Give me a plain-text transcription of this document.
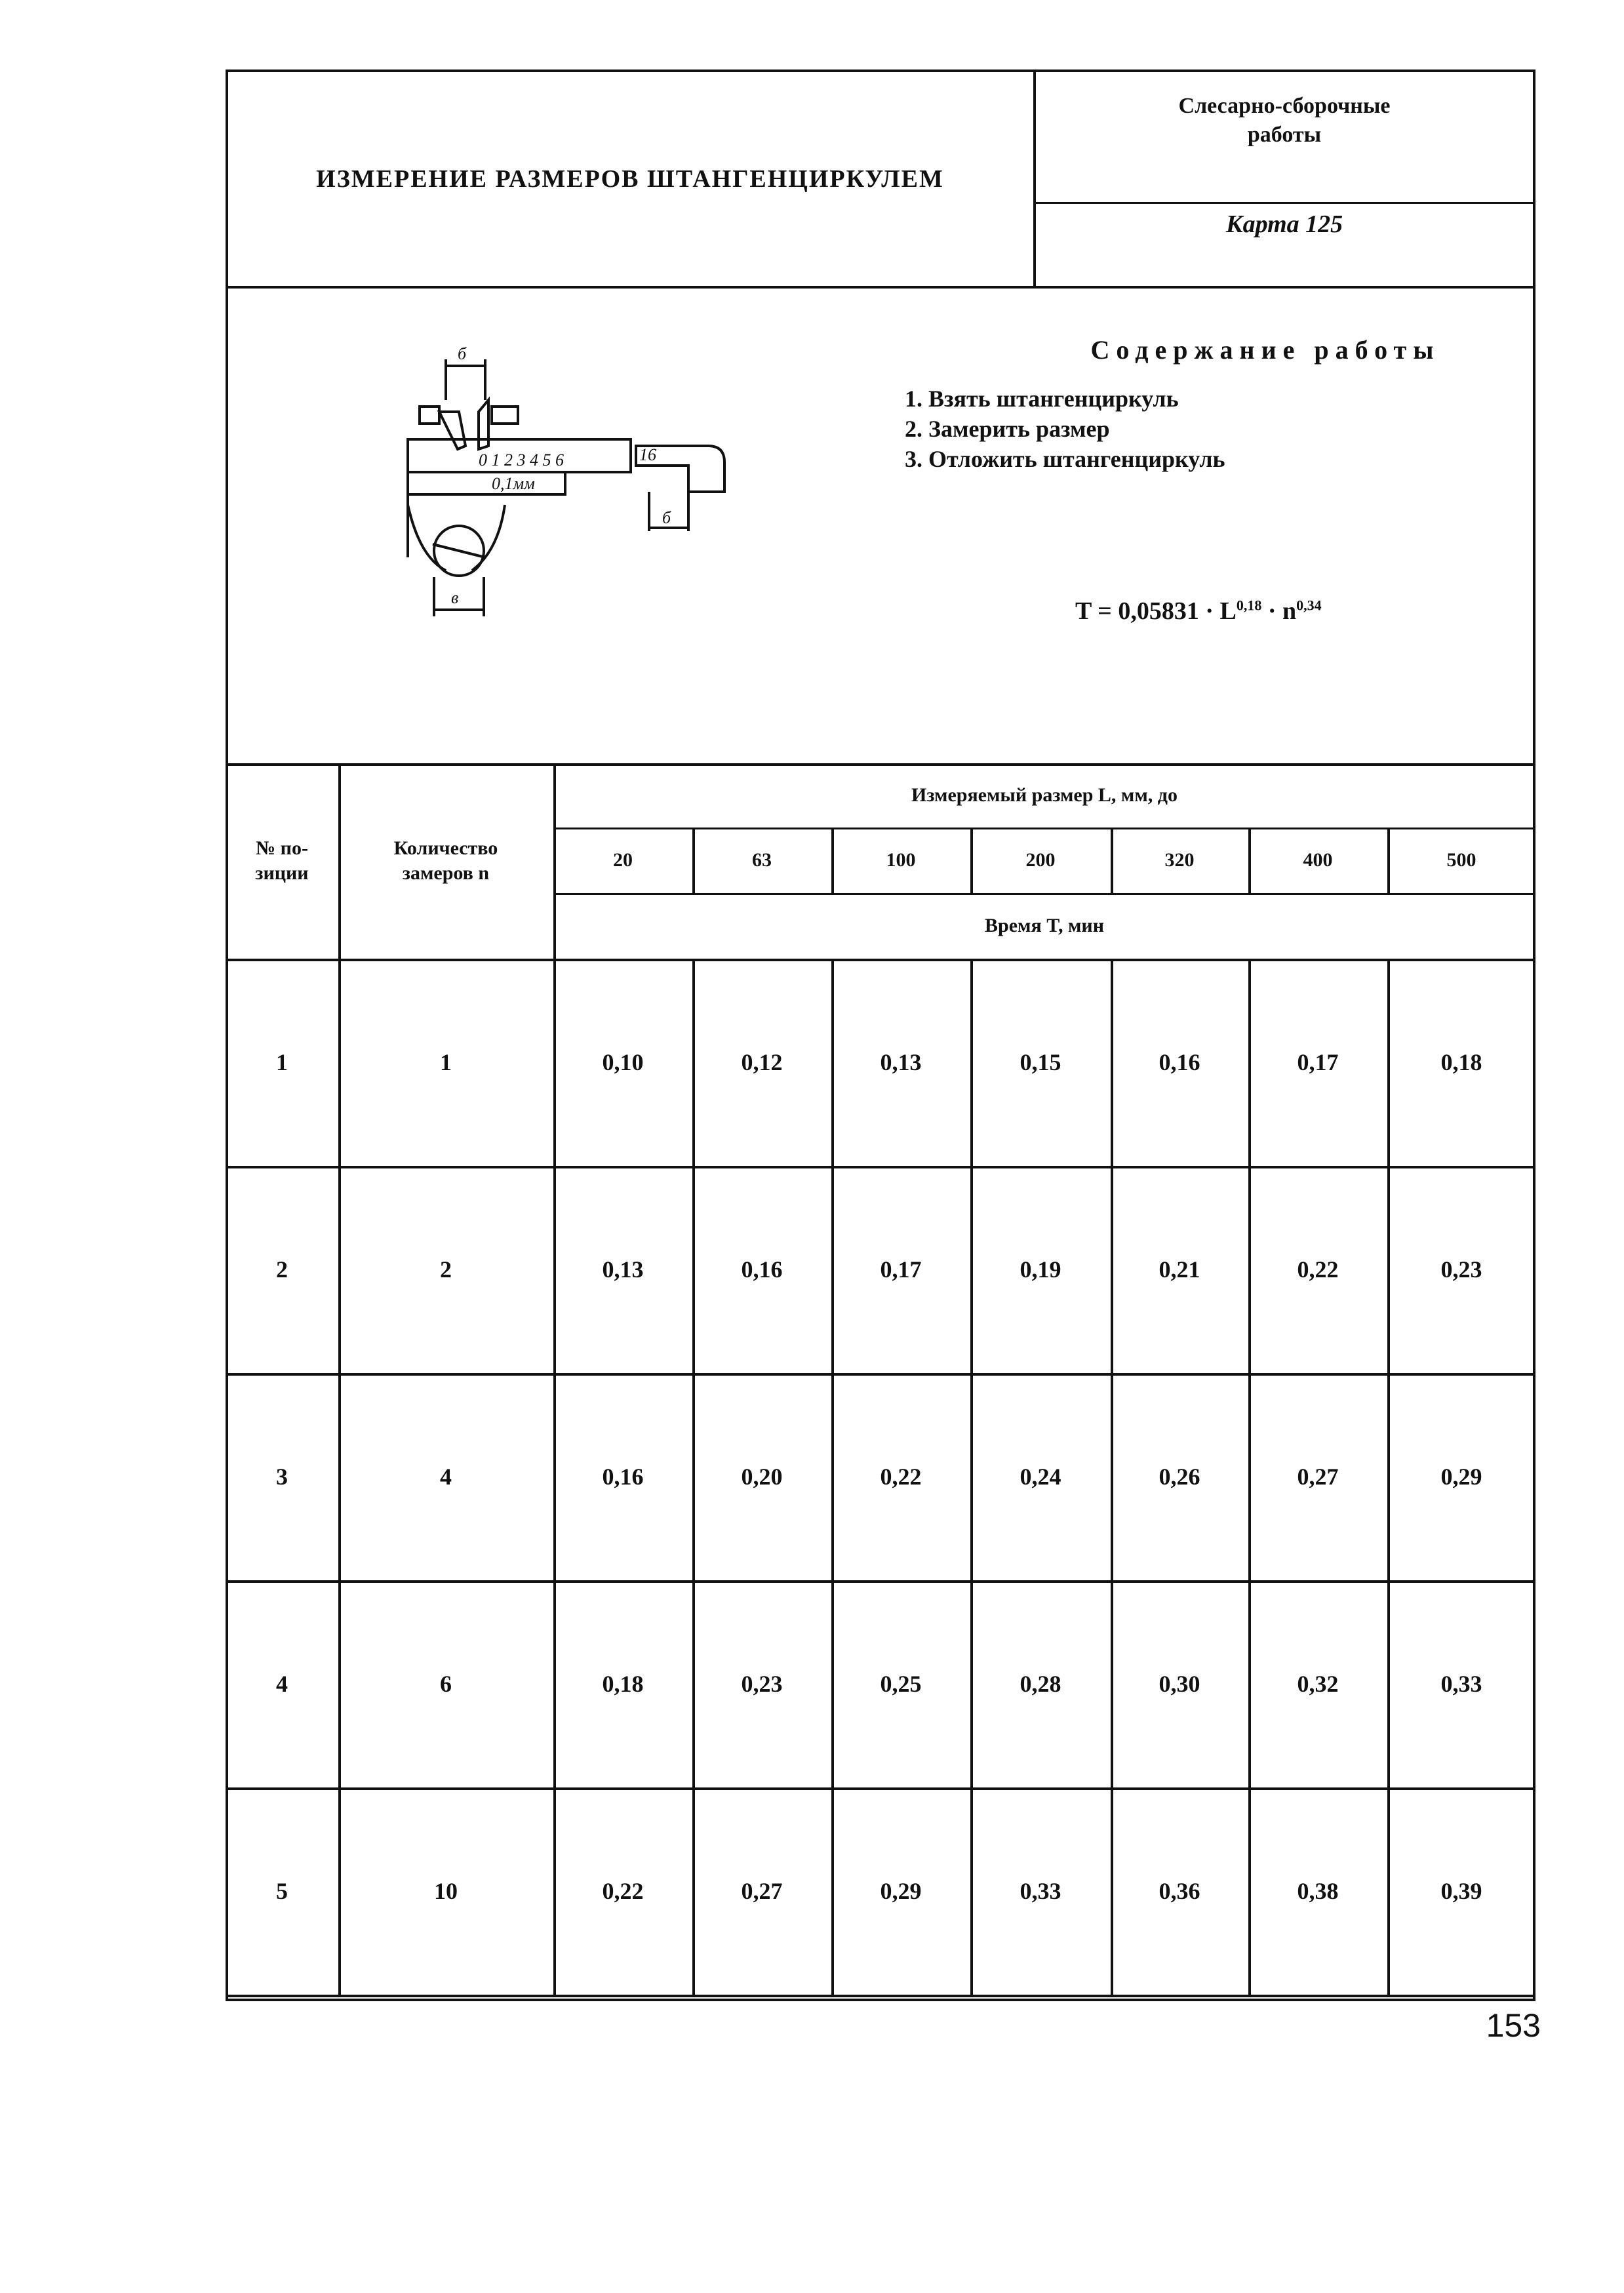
ИЗМЕРЕНИЕ РАЗМЕРОВ ШТАНГЕНЦИРКУЛЕМ
Слесарно-сборочные
работы
Карта 125
Содержание работы
1. Взять штангенциркуль
2. Замерить размер
3. Отложить штангенциркуль
$T = 0,05831 \cdot L^{0,18} \cdot n^{0,34}$
б
б
в
0 1 2 3 4 5 6	16
0,1мм
№ по-
зиции
Количество
замеров n
Измеряемый размер L, мм, до
20	63	100	200	320	400	500
Время T, мин
1	1	0,10	0,12	0,13	0,15	0,16	0,17	0,18
2	2	0,13	0,16	0,17	0,19	0,21	0,22	0,23
3	4	0,16	0,20	0,22	0,24	0,26	0,27	0,29
4	6	0,18	0,23	0,25	0,28	0,30	0,32	0,33
5	10	0,22	0,27	0,29	0,33	0,36	0,38	0,39
153
